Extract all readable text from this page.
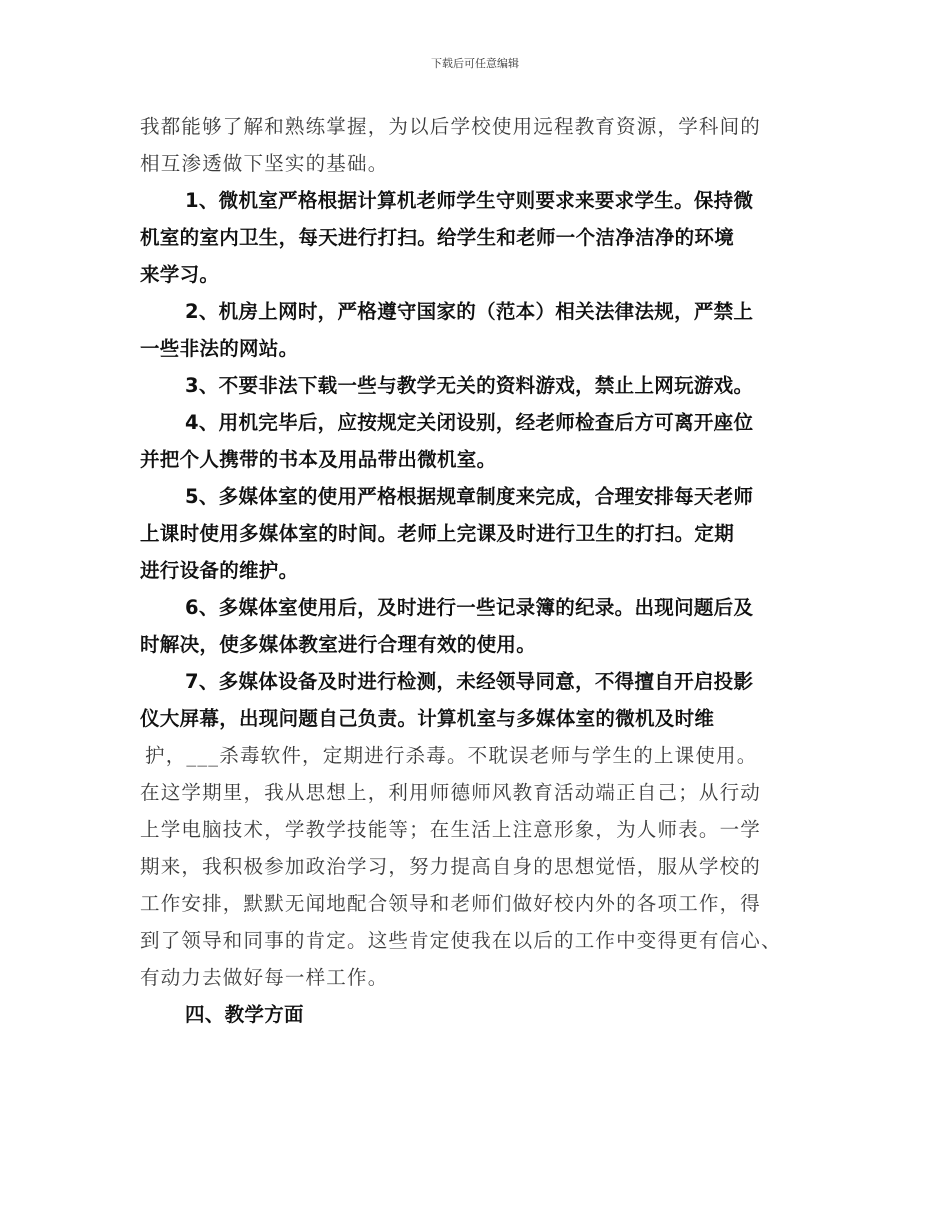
下载后可任意编辑
我都能够了解和熟练掌握，为以后学校使用远程教育资源，学科间的
相互渗透做下坚实的基础。
1、微机室严格根据计算机老师学生守则要求来要求学生。保持微
机室的室内卫生，每天进行打扫。给学生和老师一个洁净洁净的环境
来学习。
2、机房上网时，严格遵守国家的（范本）相关法律法规，严禁上
一些非法的网站。
3、不要非法下载一些与教学无关的资料游戏，禁止上网玩游戏。
4、用机完毕后，应按规定关闭设别，经老师检查后方可离开座位
并把个人携带的书本及用品带出微机室。
5、多媒体室的使用严格根据规章制度来完成，合理安排每天老师
上课时使用多媒体室的时间。老师上完课及时进行卫生的打扫。定期
进行设备的维护。
6、多媒体室使用后，及时进行一些记录簿的纪录。出现问题后及
时解决，使多媒体教室进行合理有效的使用。
7、多媒体设备及时进行检测，未经领导同意，不得擅自开启投影
仪大屏幕，出现问题自己负责。计算机室与多媒体室的微机及时维
护，___杀毒软件，定期进行杀毒。不耽误老师与学生的上课使用。
在这学期里，我从思想上，利用师德师风教育活动端正自己；从行动
上学电脑技术，学教学技能等；在生活上注意形象，为人师表。一学
期来，我积极参加政治学习，努力提高自身的思想觉悟，服从学校的
工作安排，默默无闻地配合领导和老师们做好校内外的各项工作，得
到了领导和同事的肯定。这些肯定使我在以后的工作中变得更有信心、
有动力去做好每一样工作。
四、教学方面
